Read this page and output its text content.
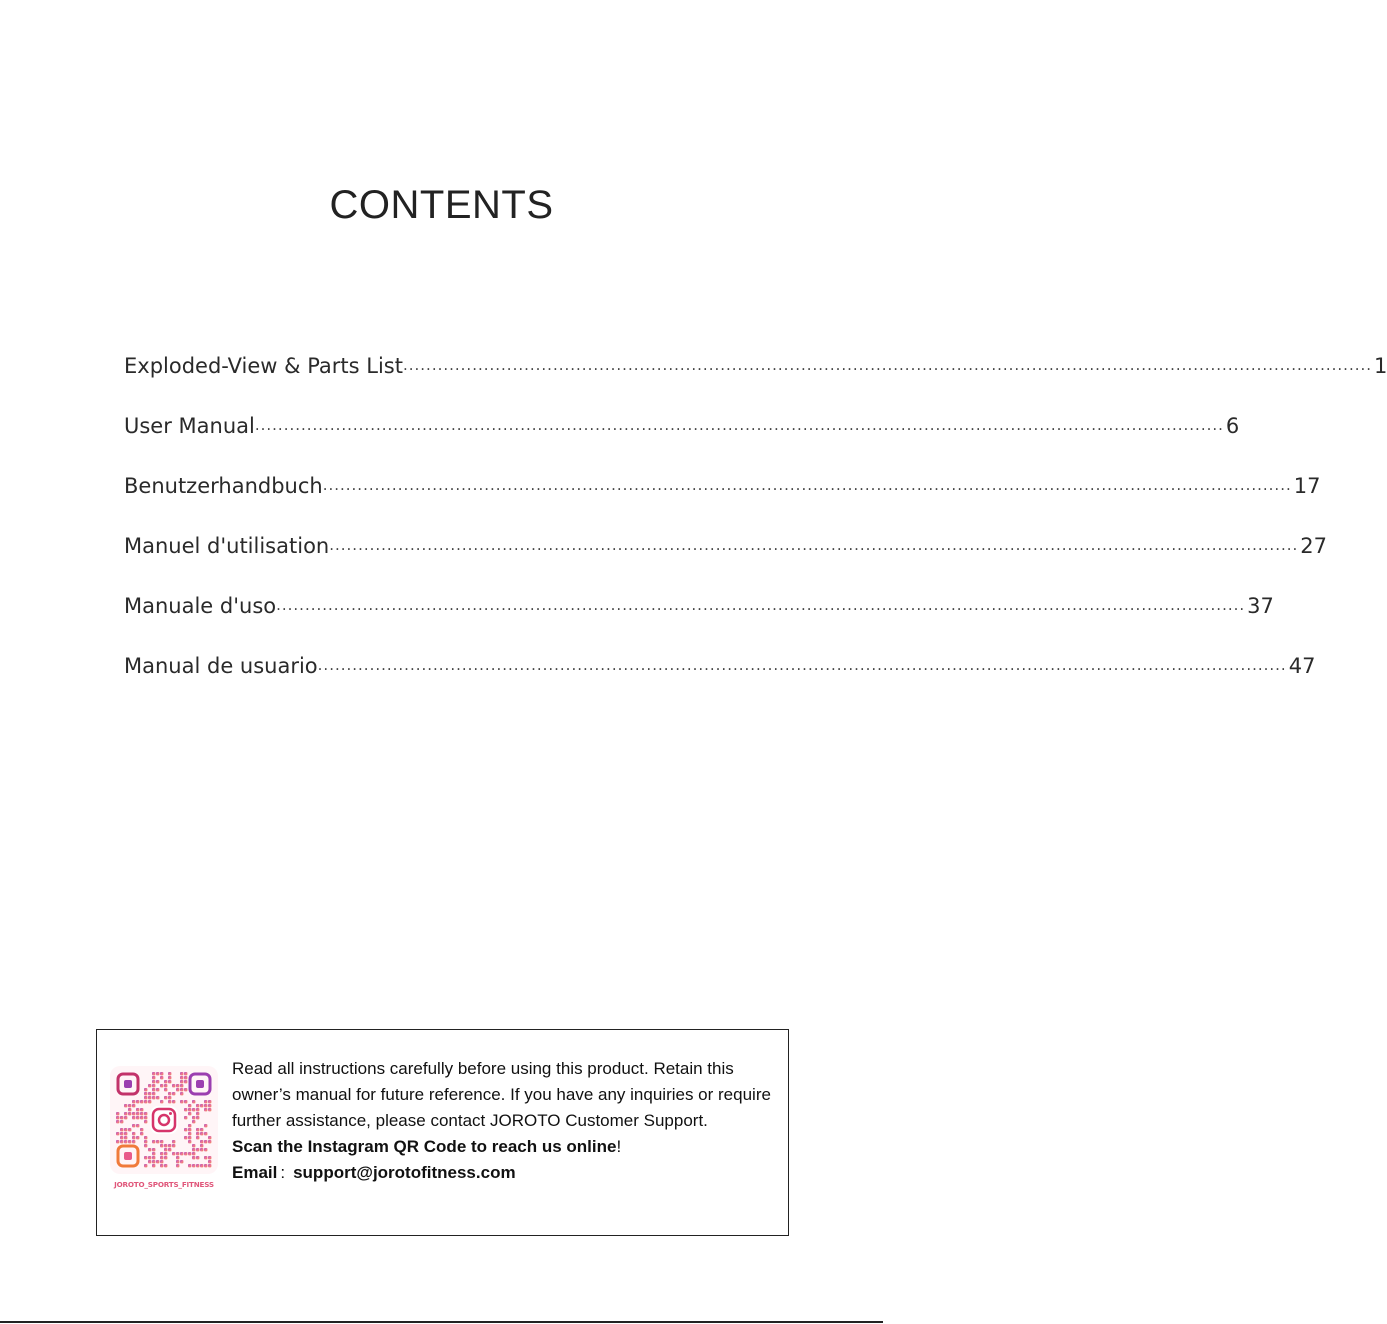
CONTENTS
Exploded-View & Parts List ........................................................................................................................................................................ 1
User Manual ........................................................................................................................................................................ 6
Benutzerhandbuch ........................................................................................................................................................................ 17
Manuel d'utilisation ........................................................................................................................................................................ 27
Manuale d'uso ........................................................................................................................................................................ 37
Manual de usuario ........................................................................................................................................................................ 47
JOROTO_SPORTS_FITNESS

Read all instructions carefully before using this product. Retain this owner’s manual for future reference. If you have any inquiries or require further assistance, please contact JOROTO Customer Support.

Scan the Instagram QR Code to reach us online!

Email : support@jorotofitness.com
